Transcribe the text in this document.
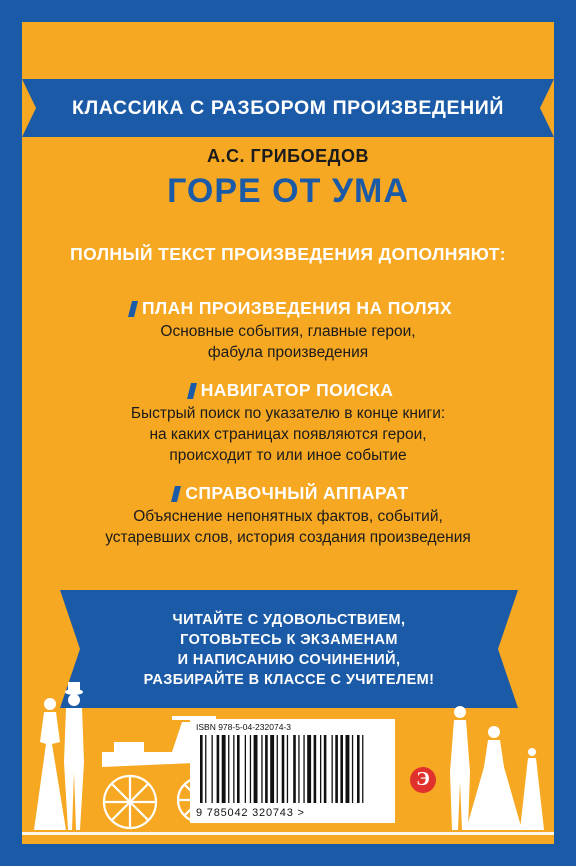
КЛАССИКА С РАЗБОРОМ ПРОИЗВЕДЕНИЙ
А.С. ГРИБОЕДОВ
ГОРЕ ОТ УМА
ПОЛНЫЙ ТЕКСТ ПРОИЗВЕДЕНИЯ ДОПОЛНЯЮТ:
ПЛАН ПРОИЗВЕДЕНИЯ НА ПОЛЯХ
Основные события, главные герои,
фабула произведения
НАВИГАТОР ПОИСКА
Быстрый поиск по указателю в конце книги:
на каких страницах появляются герои,
происходит то или иное событие
СПРАВОЧНЫЙ АППАРАТ
Объяснение непонятных фактов, событий,
устаревших слов, история создания произведения
ЧИТАЙТЕ С УДОВОЛЬСТВИЕМ,
ГОТОВЬТЕСЬ К ЭКЗАМЕНАМ
И НАПИСАНИЮ СОЧИНЕНИЙ,
РАЗБИРАЙТЕ В КЛАССЕ С УЧИТЕЛЕМ!
ISBN 978-5-04-232074-3
9 785042 320743 >
Э
